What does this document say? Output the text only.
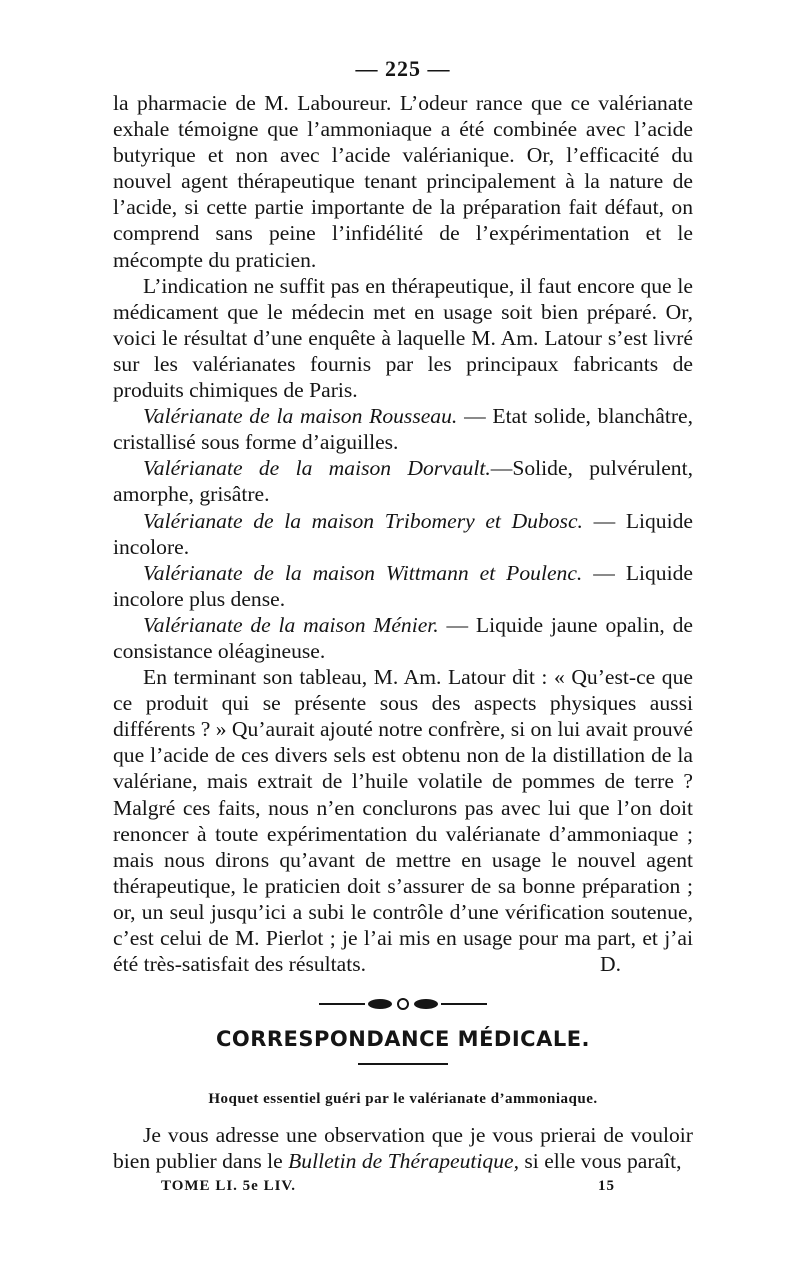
— 225 —

la pharmacie de M. Laboureur. L’odeur rance que ce valérianate exhale témoigne que l’ammoniaque a été combinée avec l’acide butyrique et non avec l’acide valérianique. Or, l’efficacité du nouvel agent thérapeutique tenant principalement à la nature de l’acide, si cette partie importante de la préparation fait défaut, on comprend sans peine l’infidélité de l’expérimentation et le mécompte du praticien.

L’indication ne suffit pas en thérapeutique, il faut encore que le médicament que le médecin met en usage soit bien préparé. Or, voici le résultat d’une enquête à laquelle M. Am. Latour s’est livré sur les valérianates fournis par les principaux fabricants de produits chimiques de Paris.

Valérianate de la maison Rousseau. — Etat solide, blanchâtre, cristallisé sous forme d’aiguilles.

Valérianate de la maison Dorvault.—Solide, pulvérulent, amorphe, grisâtre.

Valérianate de la maison Tribomery et Dubosc. — Liquide incolore.

Valérianate de la maison Wittmann et Poulenc. — Liquide incolore plus dense.

Valérianate de la maison Ménier. — Liquide jaune opalin, de consistance oléagineuse.

En terminant son tableau, M. Am. Latour dit : « Qu’est-ce que ce produit qui se présente sous des aspects physiques aussi différents ? » Qu’aurait ajouté notre confrère, si on lui avait prouvé que l’acide de ces divers sels est obtenu non de la distillation de la valériane, mais extrait de l’huile volatile de pommes de terre ? Malgré ces faits, nous n’en conclurons pas avec lui que l’on doit renoncer à toute expérimentation du valérianate d’ammoniaque ; mais nous dirons qu’avant de mettre en usage le nouvel agent thérapeutique, le praticien doit s’assurer de sa bonne préparation ; or, un seul jusqu’ici a subi le contrôle d’une vérification soutenue, c’est celui de M. Pierlot ; je l’ai mis en usage pour ma part, et j’ai été très-satisfait des résultats.	D.

CORRESPONDANCE MÉDICALE.
Hoquet essentiel guéri par le valérianate d’ammoniaque.

Je vous adresse une observation que je vous prierai de vouloir bien publier dans le Bulletin de Thérapeutique, si elle vous paraît,

TOME LI. 5e LIV.	15
